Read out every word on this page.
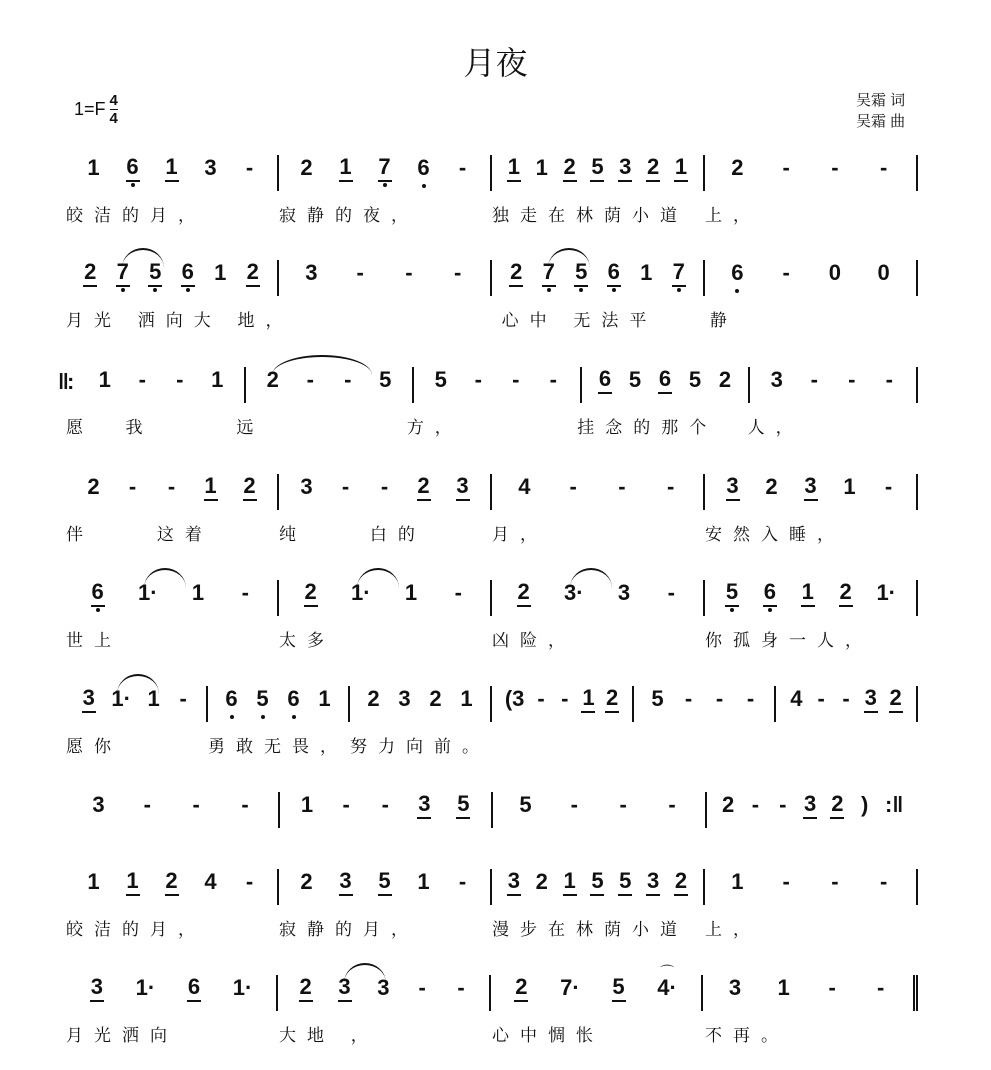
月夜
$1=F \frac{4}{4}$	吴霜 词
吴霜 曲
1 6 1 3 - 2 1 7 6 - 1 1 2 5 3 2 1 2 - - -
皎洁的月，	寂静的夜，	独走在林荫小道	上，
2 7 5 6 1 2 3 - - - 2 7 5 6 1 7 6 - 0 0
月光 洒向大 地，	心中 无法平	静
‖: 1 - - 1 2 - - 5 5 - - - 6 5 6 5 2 3 - - -
愿  我	远	方，	挂念的那个	人，
2 - - 1 2 3 - - 2 3 4 - - - 3 2 3 1 -
伴    这着	纯    白的	月，	安然入睡，
6 1· 1 -	2 1· 1 -	2 3· 3 - 5 6 1 2 1·
世上	太多	凶险，	你孤身一人，
3 1· 1 - 6 5 6 1 2 3 2 1 (3 - - 1 2 5 - - - 4 - - 3 2
愿你	勇敢无畏， 努力向前。
3 - - - 1 - - 3 5 5 - - - 2 - - 3 2 ) :‖
1 1 2 4 - 2 3 5 1 - 3 2 1 5 5 3 2 1 - - -
皎洁的月，	寂静的月，	漫步在林荫小道	上，
3 1· 6 1· 2 3 3 - - 2 7· 5 ⌒ 4· 3 1 - -
月光洒向	大地 ，	心中惆怅	不再。
